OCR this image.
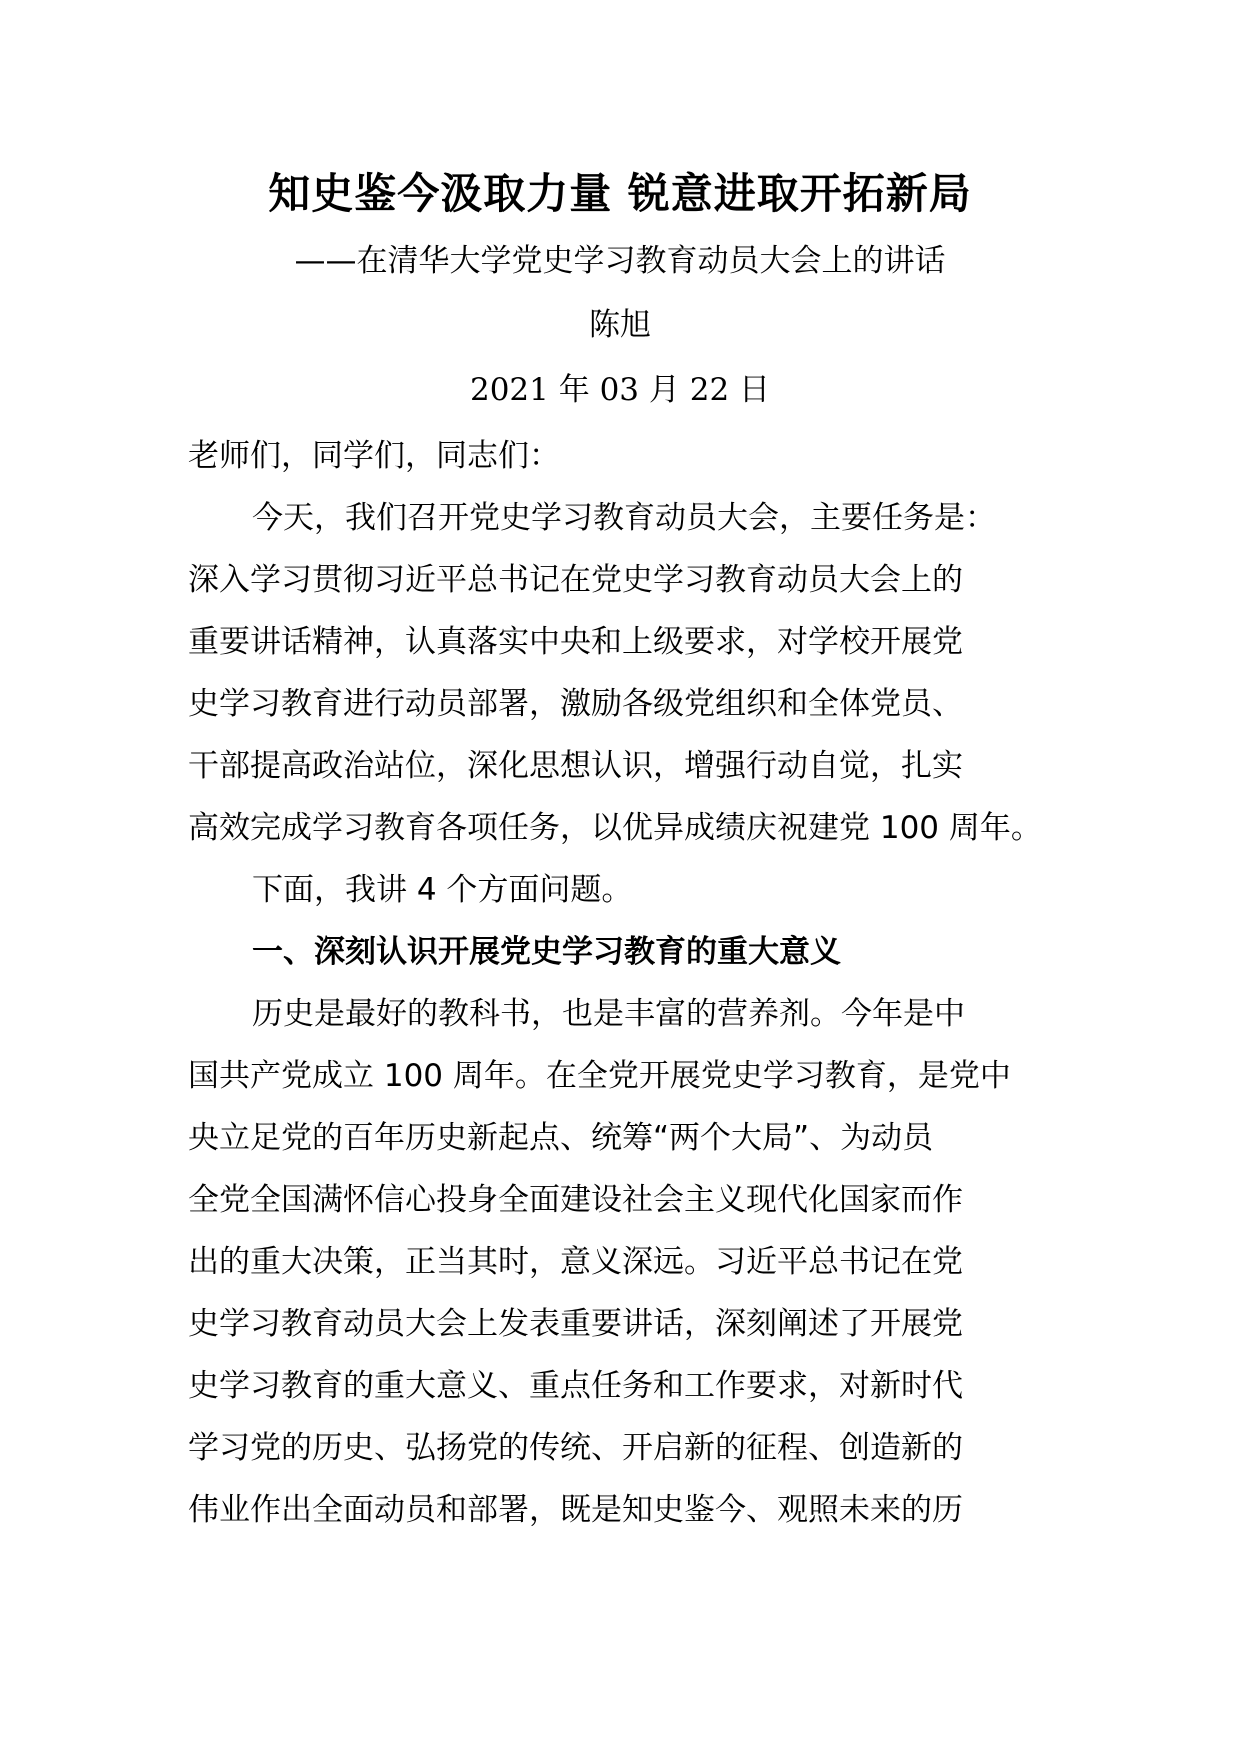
知史鉴今汲取力量 锐意进取开拓新局
——在清华大学党史学习教育动员大会上的讲话
陈旭
2021 年 03 月 22 日
老师们，同学们，同志们：
今天，我们召开党史学习教育动员大会，主要任务是：
深入学习贯彻习近平总书记在党史学习教育动员大会上的
重要讲话精神，认真落实中央和上级要求，对学校开展党
史学习教育进行动员部署，激励各级党组织和全体党员、
干部提高政治站位，深化思想认识，增强行动自觉，扎实
高效完成学习教育各项任务，以优异成绩庆祝建党 100 周年。
下面，我讲 4 个方面问题。
一、深刻认识开展党史学习教育的重大意义
历史是最好的教科书，也是丰富的营养剂。今年是中
国共产党成立 100 周年。在全党开展党史学习教育，是党中
央立足党的百年历史新起点、统筹“两个大局”、为动员
全党全国满怀信心投身全面建设社会主义现代化国家而作
出的重大决策，正当其时，意义深远。习近平总书记在党
史学习教育动员大会上发表重要讲话，深刻阐述了开展党
史学习教育的重大意义、重点任务和工作要求，对新时代
学习党的历史、弘扬党的传统、开启新的征程、创造新的
伟业作出全面动员和部署，既是知史鉴今、观照未来的历
